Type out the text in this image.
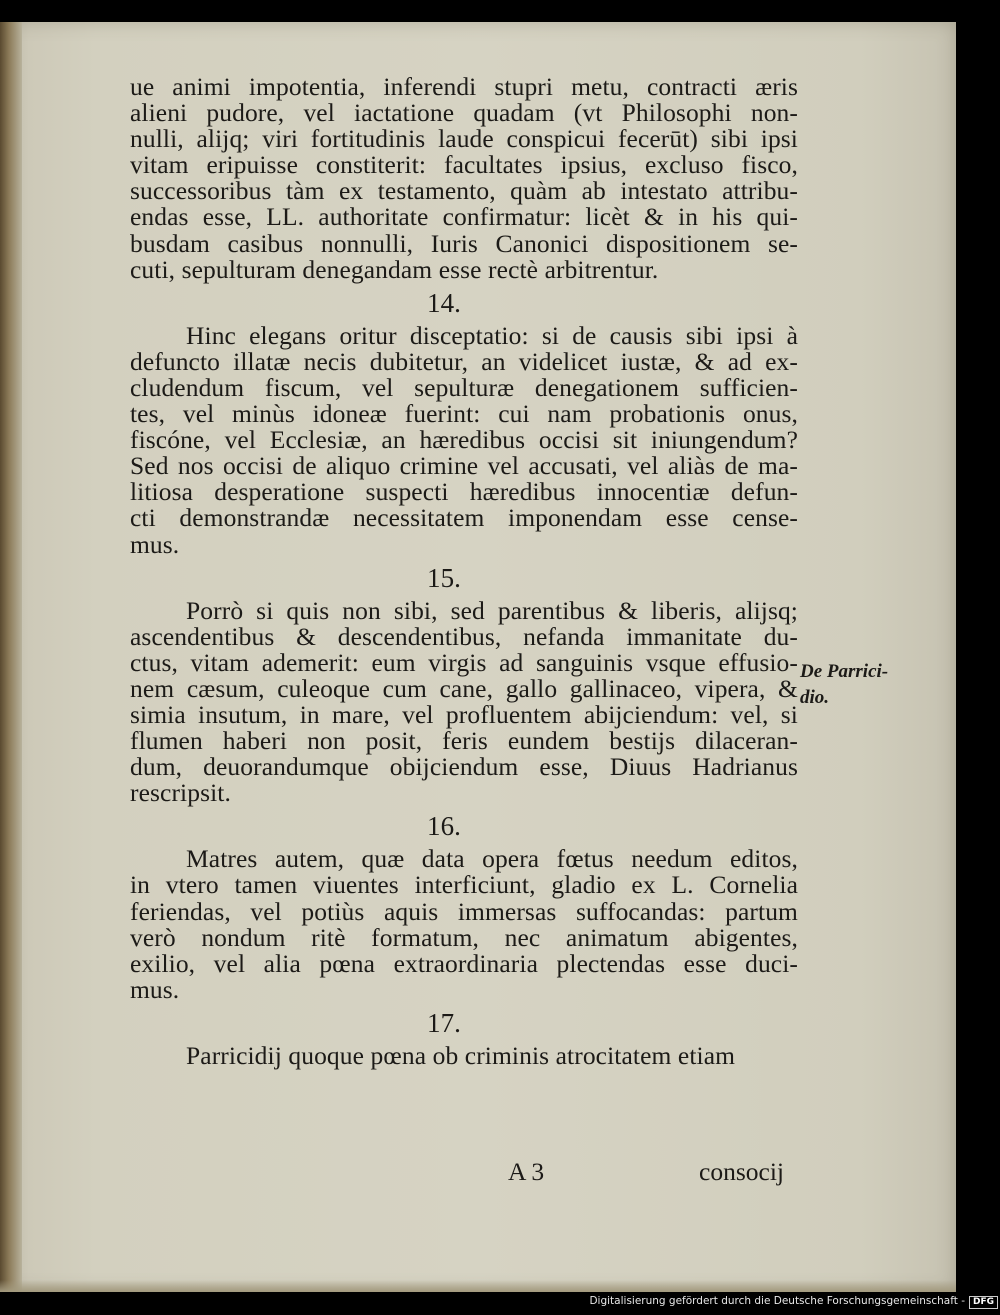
ue animi impotentia, inferendi stupri metu, contracti æris
alieni pudore, vel iactatione quadam (vt Philosophi non-
nulli, alijq; viri fortitudinis laude conspicui fecerūt) sibi ipsi
vitam eripuisse constiterit: facultates ipsius, excluso fisco,
successoribus tàm ex testamento, quàm ab intestato attribu-
endas esse, LL. authoritate confirmatur: licèt & in his qui-
busdam casibus nonnulli, Iuris Canonici dispositionem se-
cuti, sepulturam denegandam esse rectè arbitrentur.
14.
Hinc elegans oritur disceptatio: si de causis sibi ipsi à
defuncto illatæ necis dubitetur, an videlicet iustæ, & ad ex-
cludendum fiscum, vel sepulturæ denegationem sufficien-
tes, vel minùs idoneæ fuerint: cui nam probationis onus,
fiscóne, vel Ecclesiæ, an hæredibus occisi sit iniungendum?
Sed nos occisi de aliquo crimine vel accusati, vel aliàs de ma-
litiosa desperatione suspecti hæredibus innocentiæ defun-
cti demonstrandæ necessitatem imponendam esse cense-
mus.
15.
Porrò si quis non sibi, sed parentibus & liberis, alijsq;
ascendentibus & descendentibus, nefanda immanitate du-
ctus, vitam ademerit: eum virgis ad sanguinis vsque effusio-
nem cæsum, culeoque cum cane, gallo gallinaceo, vipera, &
simia insutum, in mare, vel profluentem abijciendum: vel, si
flumen haberi non posit, feris eundem bestijs dilaceran-
dum, deuorandumque obijciendum esse, Diuus Hadrianus
rescripsit.
16.
Matres autem, quæ data opera fœtus needum editos,
in vtero tamen viuentes interficiunt, gladio ex L. Cornelia
feriendas, vel potiùs aquis immersas suffocandas: partum
verò nondum ritè formatum, nec animatum abigentes,
exilio, vel alia pœna extraordinaria plectendas esse duci-
mus.
17.
Parricidij quoque pœna ob criminis atrocitatem etiam
De Parrici-
dio.
A 3	consocij
Digitalisierung gefördert durch die Deutsche Forschungsgemeinschaft - DFG
